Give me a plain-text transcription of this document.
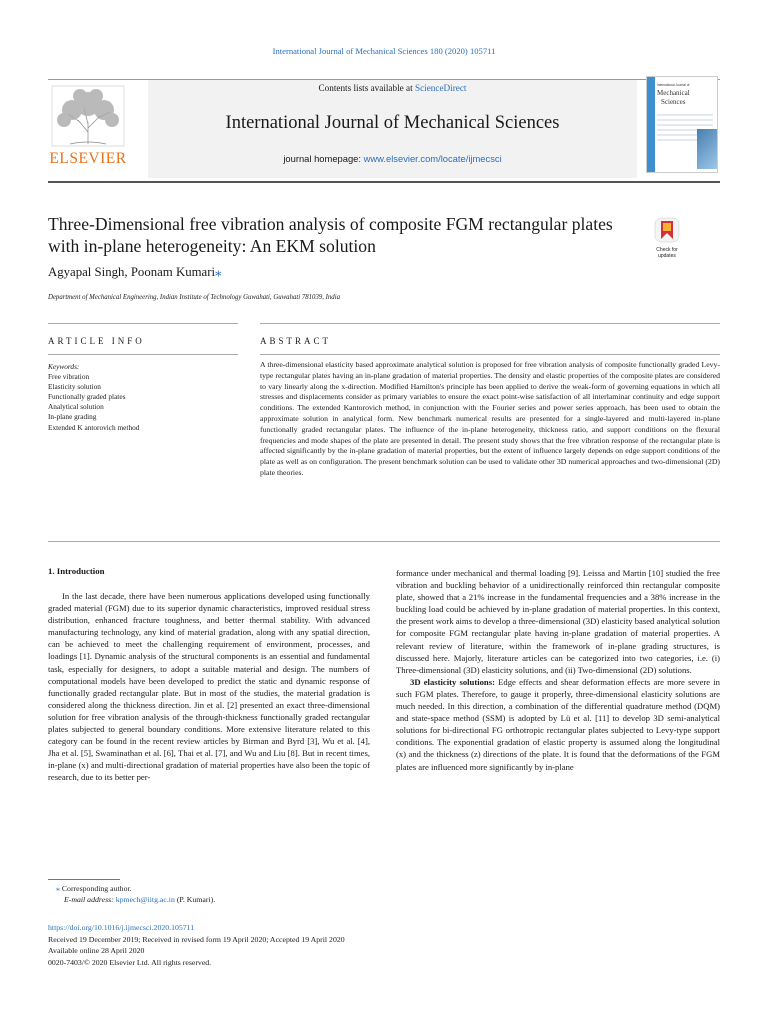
International Journal of Mechanical Sciences 180 (2020) 105711
ELSEVIER
Contents lists available at ScienceDirect
International Journal of Mechanical Sciences
journal homepage: www.elsevier.com/locate/ijmecsci
International Journal of
Mechanical
Sciences
Three-Dimensional free vibration analysis of composite FGM rectangular plates with in-plane heterogeneity: An EKM solution	Check for updates
Agyapal Singh, Poonam Kumari⁎
Department of Mechanical Engineering, Indian Institute of Technology Guwahati, Guwahati 781039, India
ARTICLE INFO
Keywords:
Free vibration
Elasticity solution
Functionally graded plates
Analytical solution
In-plane grading
Extended K antorovich method
ABSTRACT
A three-dimensional elasticity based approximate analytical solution is proposed for free vibration analysis of composite functionally graded Levy-type rectangular plates having an in-plane gradation of material properties. The density and elastic properties of the composite plates are considered to vary linearly along the x-direction. Modified Hamilton's principle has been applied to derive the weak-form of governing equations in which all stresses and displacements consider as primary variables to ensure the exact point-wise satisfaction of all interlaminar continuity and edge support conditions. The extended Kantorovich method, in conjunction with the Fourier series and power series approach, has been used to obtain the approximate solution in analytical form. New benchmark numerical results are presented for a single-layered and multi-layered in-plane functionally graded rectangular plates. The influence of the in-plane heterogeneity, thickness ratio, and support conditions on the flexural frequencies and mode shapes of the plate are presented in detail. The present study shows that the free vibration response of the rectangular plate is affected significantly by the in-plane gradation of material properties, but the extent of influence largely depends on edge support conditions of the plate as well as on configuration. The present benchmark solution can be used to validate other 3D numerical approaches and two-dimensional (2D) plate theories.
1. Introduction

In the last decade, there have been numerous applications developed using functionally graded material (FGM) due to its superior dynamic characteristics, improved residual stress distribution, enhanced fracture toughness, and better thermal stability. With advanced manufacturing technology, any kind of material gradation, along with any spatial direction, can be achieved to meet the challenging requirement of environment, processes, and loadings [1]. Dynamic analysis of the structural components is an essential and fundamental task, especially for designers, to adopt a suitable material and design. The numbers of computational models have been developed to predict the static and dynamic response of functionally graded rectangular plate. But in most of the studies, the material gradation is considered along the thickness direction. Jin et al. [2] presented an exact three-dimensional solution for free vibration analysis of the through-thickness functionally graded rectangular plates subjected to general boundary conditions. More extensive literature related to this category can be found in the recent review articles by Birman and Byrd [3], Wu et al. [4], Jha et al. [5], Swaminathan et al. [6], Thai et al. [7], and Wu and Liu [8]. But in recent times, in-plane (x) and multi-directional gradation of material properties have also been the topic of research, due to its better per-

formance under mechanical and thermal loading [9]. Leissa and Martin [10] studied the free vibration and buckling behavior of a unidirectionally reinforced thin rectangular composite plate, showed that a 21% increase in the fundamental frequencies and a 38% increase in the buckling load could be achieved by in-plane gradation of material properties. In this context, the present work aims to develop a three-dimensional (3D) elasticity based analytical solution for composite FGM rectangular plate having in-plane gradation of material properties. A relevant review of literature, within the framework of in-plane grading structures, is discussed here. Majorly, literature articles can be categorized into two categories, i.e. (i) Three-dimensional (3D) elasticity solutions, and (ii) Two-dimensional (2D) solutions.

3D elasticity solutions: Edge effects and shear deformation effects are more severe in such FGM plates. Therefore, to gauge it properly, three-dimensional elasticity solutions are much needed. In this direction, a combination of the differential quadrature method (DQM) and state-space method (SSM) is adopted by Lü et al. [11] to develop 3D semi-analytical solutions for bi-directional FG orthotropic rectangular plates subjected to Levy-type support conditions. The exponential gradation of elastic property is assumed along the longitudinal (x) and the thickness (z) directions of the plate. It is found that the deformations of the FGM plates are influenced more significantly by in-plane

⁎ Corresponding author.
E-mail address: kpmech@iitg.ac.in (P. Kumari).
https://doi.org/10.1016/j.ijmecsci.2020.105711
Received 19 December 2019; Received in revised form 19 April 2020; Accepted 19 April 2020
Available online 28 April 2020
0020-7403/© 2020 Elsevier Ltd. All rights reserved.
